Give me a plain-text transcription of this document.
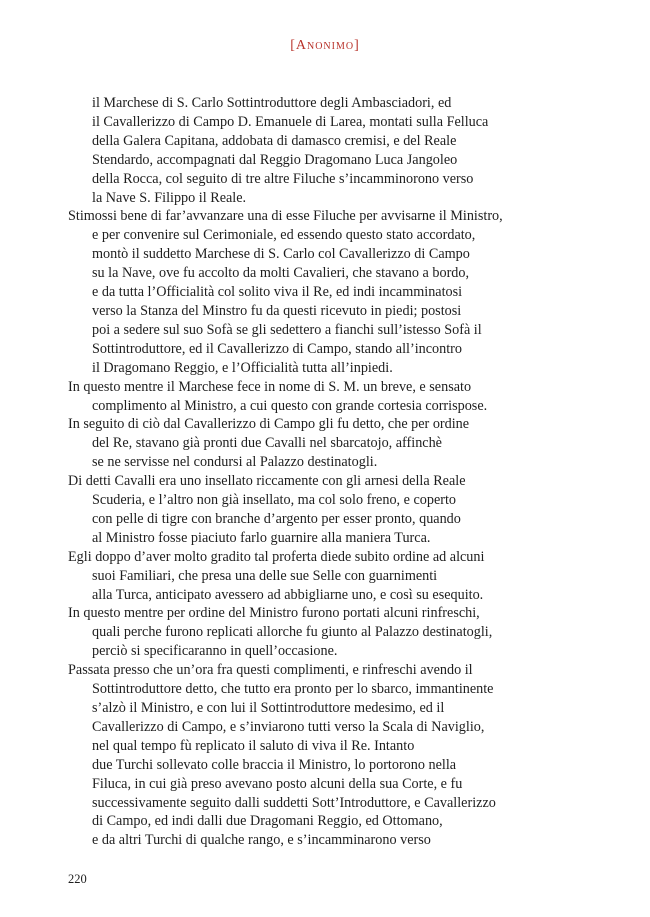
[Anonimo]

il Marchese di S. Carlo Sottintroduttore degli Ambasciadori, ed
il Cavallerizzo di Campo D. Emanuele di Larea, montati sulla Felluca
della Galera Capitana, addobata di damasco cremisi, e del Reale
Stendardo, accompagnati dal Reggio Dragomano Luca Jangoleo
della Rocca, col seguito di tre altre Filuche s’incamminorono verso
la Nave S. Filippo il Reale.

Stimossi bene di far’avvanzare una di esse Filuche per avvisarne il Ministro,
e per convenire sul Cerimoniale, ed essendo questo stato accordato,
montò il suddetto Marchese di S. Carlo col Cavallerizzo di Campo
su la Nave, ove fu accolto da molti Cavalieri, che stavano a bordo,
e da tutta l’Officialità col solito viva il Re, ed indi incamminatosi
verso la Stanza del Minstro fu da questi ricevuto in piedi; postosi
poi a sedere sul suo Sofà se gli sedettero a fianchi sull’istesso Sofà il
Sottintroduttore, ed il Cavallerizzo di Campo, stando all’incontro
il Dragomano Reggio, e l’Officialità tutta all’inpiedi.

In questo mentre il Marchese fece in nome di S. M. un breve, e sensato
complimento al Ministro, a cui questo con grande cortesia corrispose.

In seguito di ciò dal Cavallerizzo di Campo gli fu detto, che per ordine
del Re, stavano già pronti due Cavalli nel sbarcatojo, affinchè
se ne servisse nel condursi al Palazzo destinatogli.

Di detti Cavalli era uno insellato riccamente con gli arnesi della Reale
Scuderia, e l’altro non già insellato, ma col solo freno, e coperto
con pelle di tigre con branche d’argento per esser pronto, quando
al Ministro fosse piaciuto farlo guarnire alla maniera Turca.

Egli doppo d’aver molto gradito tal proferta diede subito ordine ad alcuni
suoi Familiari, che presa una delle sue Selle con guarnimenti
alla Turca, anticipato avessero ad abbigliarne uno, e così su esequito.

In questo mentre per ordine del Ministro furono portati alcuni rinfreschi,
quali perche furono replicati allorche fu giunto al Palazzo destinatogli,
perciò si specificaranno in quell’occasione.

Passata presso che un’ora fra questi complimenti, e rinfreschi avendo il
Sottintroduttore detto, che tutto era pronto per lo sbarco, immantinente
s’alzò il Ministro, e con lui il Sottintroduttore medesimo, ed il
Cavallerizzo di Campo, e s’inviarono tutti verso la Scala di Naviglio,
nel qual tempo fù replicato il saluto di viva il Re. Intanto
due Turchi sollevato colle braccia il Ministro, lo portorono nella
Filuca, in cui già preso avevano posto alcuni della sua Corte, e fu
successivamente seguito dalli suddetti Sott’Introduttore, e Cavallerizzo
di Campo, ed indi dalli due Dragomani Reggio, ed Ottomano,
e da altri Turchi di qualche rango, e s’incamminarono verso

220
